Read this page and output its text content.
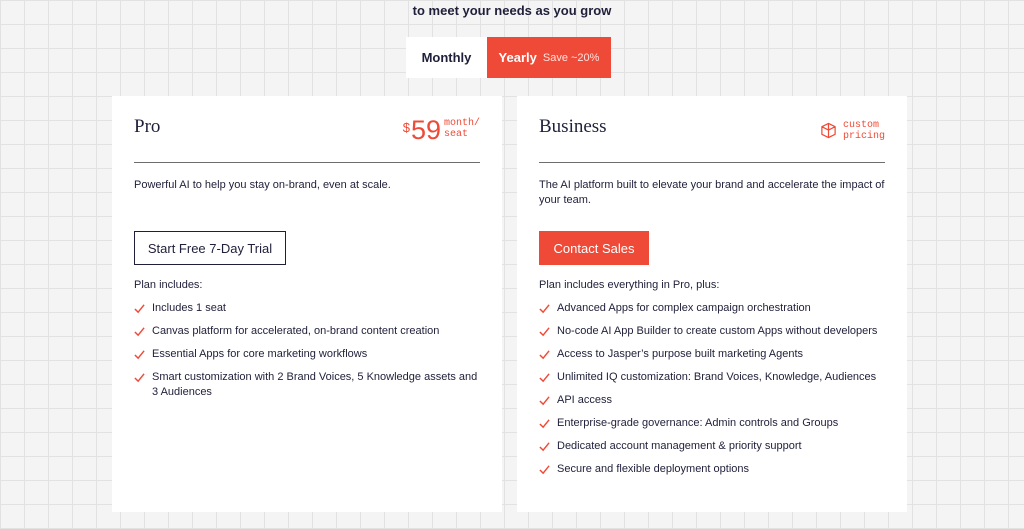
to meet your needs as you grow
Monthly Yearly Save ~20%
Pro	$ 59 month/
seat
Powerful AI to help you stay on-brand, even at scale.
Start Free 7-Day Trial
Plan includes:
Includes 1 seat
Canvas platform for accelerated, on-brand content creation
Essential Apps for core marketing workflows
Smart customization with 2 Brand Voices, 5 Knowledge assets and 3 Audiences
Business	custom
pricing
The AI platform built to elevate your brand and accelerate the impact of your team.
Contact Sales
Plan includes everything in Pro, plus:
Advanced Apps for complex campaign orchestration
No-code AI App Builder to create custom Apps without developers
Access to Jasper’s purpose built marketing Agents
Unlimited IQ customization: Brand Voices, Knowledge, Audiences
API access
Enterprise-grade governance: Admin controls and Groups
Dedicated account management & priority support
Secure and flexible deployment options
